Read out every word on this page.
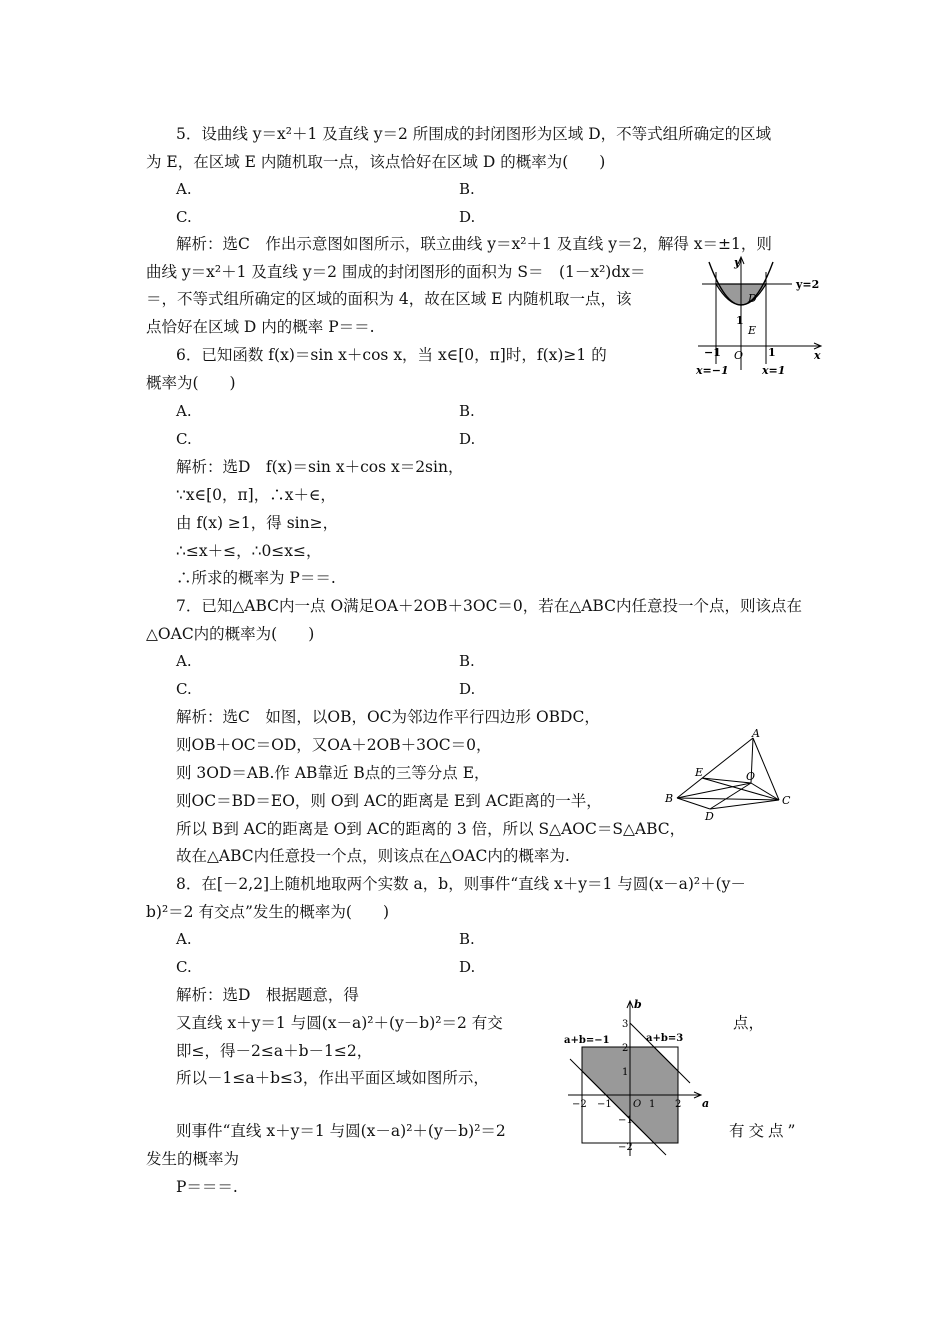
5．设曲线 y＝x²＋1 及直线 y＝2 所围成的封闭图形为区域 D，不等式组所确定的区域
为 E，在区域 E 内随机取一点，该点恰好在区域 D 的概率为(　　)
A.	B.
C.	D.
解析：选C　作出示意图如图所示，联立曲线 y＝x²＋1 及直线 y＝2，解得 x＝±1，则
曲线 y＝x²＋1 及直线 y＝2 围成的封闭图形的面积为 S＝　(1－x²)dx＝
＝，不等式组所确定的区域的面积为 4，故在区域 E 内随机取一点，该
点恰好在区域 D 内的概率 P＝＝.
y
x
y=2
D
E
1
O
−1	1
x=−1	x=1
6．已知函数 f(x)＝sin x＋cos x，当 x∈[0，π]时，f(x)≥1 的
概率为(　　)
A.	B.
C.	D.
解析：选D　f(x)＝sin x＋cos x＝2sin，
∵x∈[0，π]，∴x＋∈，
由 f(x) ≥1，得 sin≥，
∴≤x＋≤，∴0≤x≤，
∴所求的概率为 P＝＝.
7．已知△ABC内一点 O满足OA＋2OB＋3OC＝0，若在△ABC内任意投一个点，则该点在
△OAC内的概率为(　　)
A.	B.
C.	D.
解析：选C　如图，以OB，OC为邻边作平行四边形 OBDC，
则OB＋OC＝OD，又OA＋2OB＋3OC＝0，
则 3OD＝AB.作 AB靠近 B点的三等分点 E，
则OC＝BD＝EO，则 O到 AC的距离是 E到 AC距离的一半，
所以 B到 AC的距离是 O到 AC的距离的 3 倍，所以 S△AOC＝S△ABC，
故在△ABC内任意投一个点，则该点在△OAC内的概率为.
A
B	C
D
E	O
8．在[－2,2]上随机地取两个实数 a，b，则事件“直线 x＋y＝1 与圆(x－a)²＋(y－
b)²＝2 有交点”发生的概率为(　　)
A.	B.
C.	D.
解析：选D　根据题意，得
又直线 x＋y＝1 与圆(x－a)²＋(y－b)²＝2 有交	点，
即≤，得－2≤a＋b－1≤2，
所以－1≤a＋b≤3，作出平面区域如图所示，
则事件“直线 x＋y＝1 与圆(x－a)²＋(y－b)²＝2	有交点”
发生的概率为
P＝＝＝.
b
a
a+b=−1	a+b=3
O
−2 −1	1 2
3
2
1
−1
−2
